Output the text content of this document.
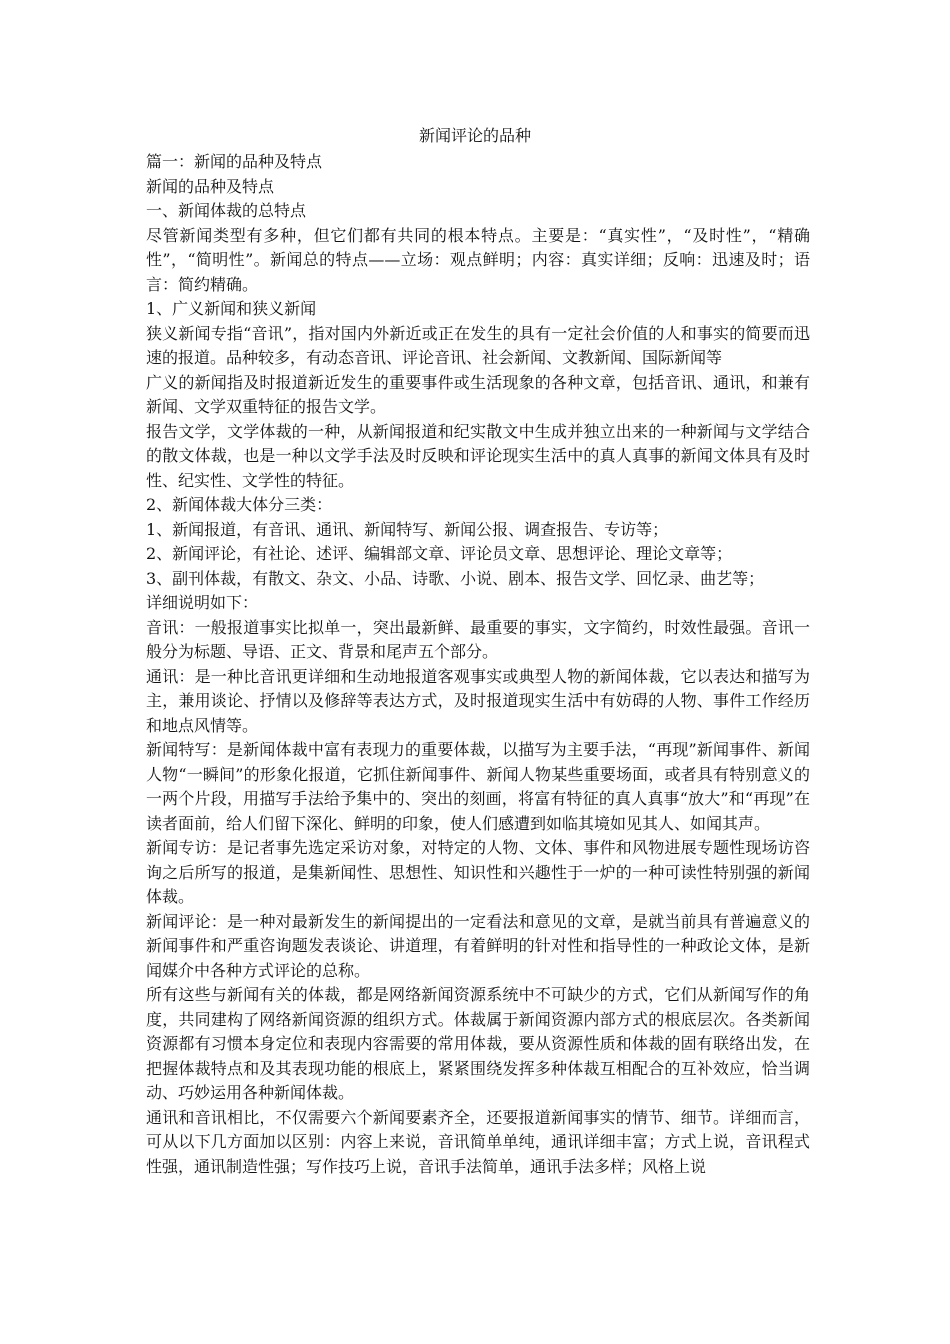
新闻评论的品种

篇一：新闻的品种及特点

新闻的品种及特点

一、新闻体裁的总特点

尽管新闻类型有多种，但它们都有共同的根本特点。主要是：“真实性”，“及时性”，“精确性”，“简明性”。新闻总的特点——立场：观点鲜明；内容：真实详细；反响：迅速及时；语言：简约精确。

1、广义新闻和狭义新闻

狭义新闻专指“音讯”，指对国内外新近或正在发生的具有一定社会价值的人和事实的简要而迅速的报道。品种较多，有动态音讯、评论音讯、社会新闻、文教新闻、国际新闻等

广义的新闻指及时报道新近发生的重要事件或生活现象的各种文章，包括音讯、通讯，和兼有新闻、文学双重特征的报告文学。

报告文学，文学体裁的一种，从新闻报道和纪实散文中生成并独立出来的一种新闻与文学结合的散文体裁，也是一种以文学手法及时反映和评论现实生活中的真人真事的新闻文体具有及时性、纪实性、文学性的特征。

2、新闻体裁大体分三类：

1、新闻报道，有音讯、通讯、新闻特写、新闻公报、调查报告、专访等；

2、新闻评论，有社论、述评、编辑部文章、评论员文章、思想评论、理论文章等；

3、副刊体裁，有散文、杂文、小品、诗歌、小说、剧本、报告文学、回忆录、曲艺等；

详细说明如下：

音讯：一般报道事实比拟单一，突出最新鲜、最重要的事实，文字简约，时效性最强。音讯一般分为标题、导语、正文、背景和尾声五个部分。

通讯：是一种比音讯更详细和生动地报道客观事实或典型人物的新闻体裁，它以表达和描写为主，兼用谈论、抒情以及修辞等表达方式，及时报道现实生活中有妨碍的人物、事件工作经历和地点风情等。

新闻特写：是新闻体裁中富有表现力的重要体裁，以描写为主要手法，“再现”新闻事件、新闻人物“一瞬间”的形象化报道，它抓住新闻事件、新闻人物某些重要场面，或者具有特别意义的一两个片段，用描写手法给予集中的、突出的刻画，将富有特征的真人真事“放大”和“再现”在读者面前，给人们留下深化、鲜明的印象，使人们感遭到如临其境如见其人、如闻其声。

新闻专访：是记者事先选定采访对象，对特定的人物、文体、事件和风物进展专题性现场访咨询之后所写的报道，是集新闻性、思想性、知识性和兴趣性于一炉的一种可读性特别强的新闻体裁。

新闻评论：是一种对最新发生的新闻提出的一定看法和意见的文章，是就当前具有普遍意义的新闻事件和严重咨询题发表谈论、讲道理，有着鲜明的针对性和指导性的一种政论文体，是新闻媒介中各种方式评论的总称。

所有这些与新闻有关的体裁，都是网络新闻资源系统中不可缺少的方式，它们从新闻写作的角度，共同建构了网络新闻资源的组织方式。体裁属于新闻资源内部方式的根底层次。各类新闻资源都有习惯本身定位和表现内容需要的常用体裁，要从资源性质和体裁的固有联络出发，在把握体裁特点和及其表现功能的根底上，紧紧围绕发挥多种体裁互相配合的互补效应，恰当调动、巧妙运用各种新闻体裁。

通讯和音讯相比，不仅需要六个新闻要素齐全，还要报道新闻事实的情节、细节。详细而言，可从以下几方面加以区别：内容上来说，音讯简单单纯，通讯详细丰富；方式上说，音讯程式性强，通讯制造性强；写作技巧上说，音讯手法简单，通讯手法多样；风格上说
